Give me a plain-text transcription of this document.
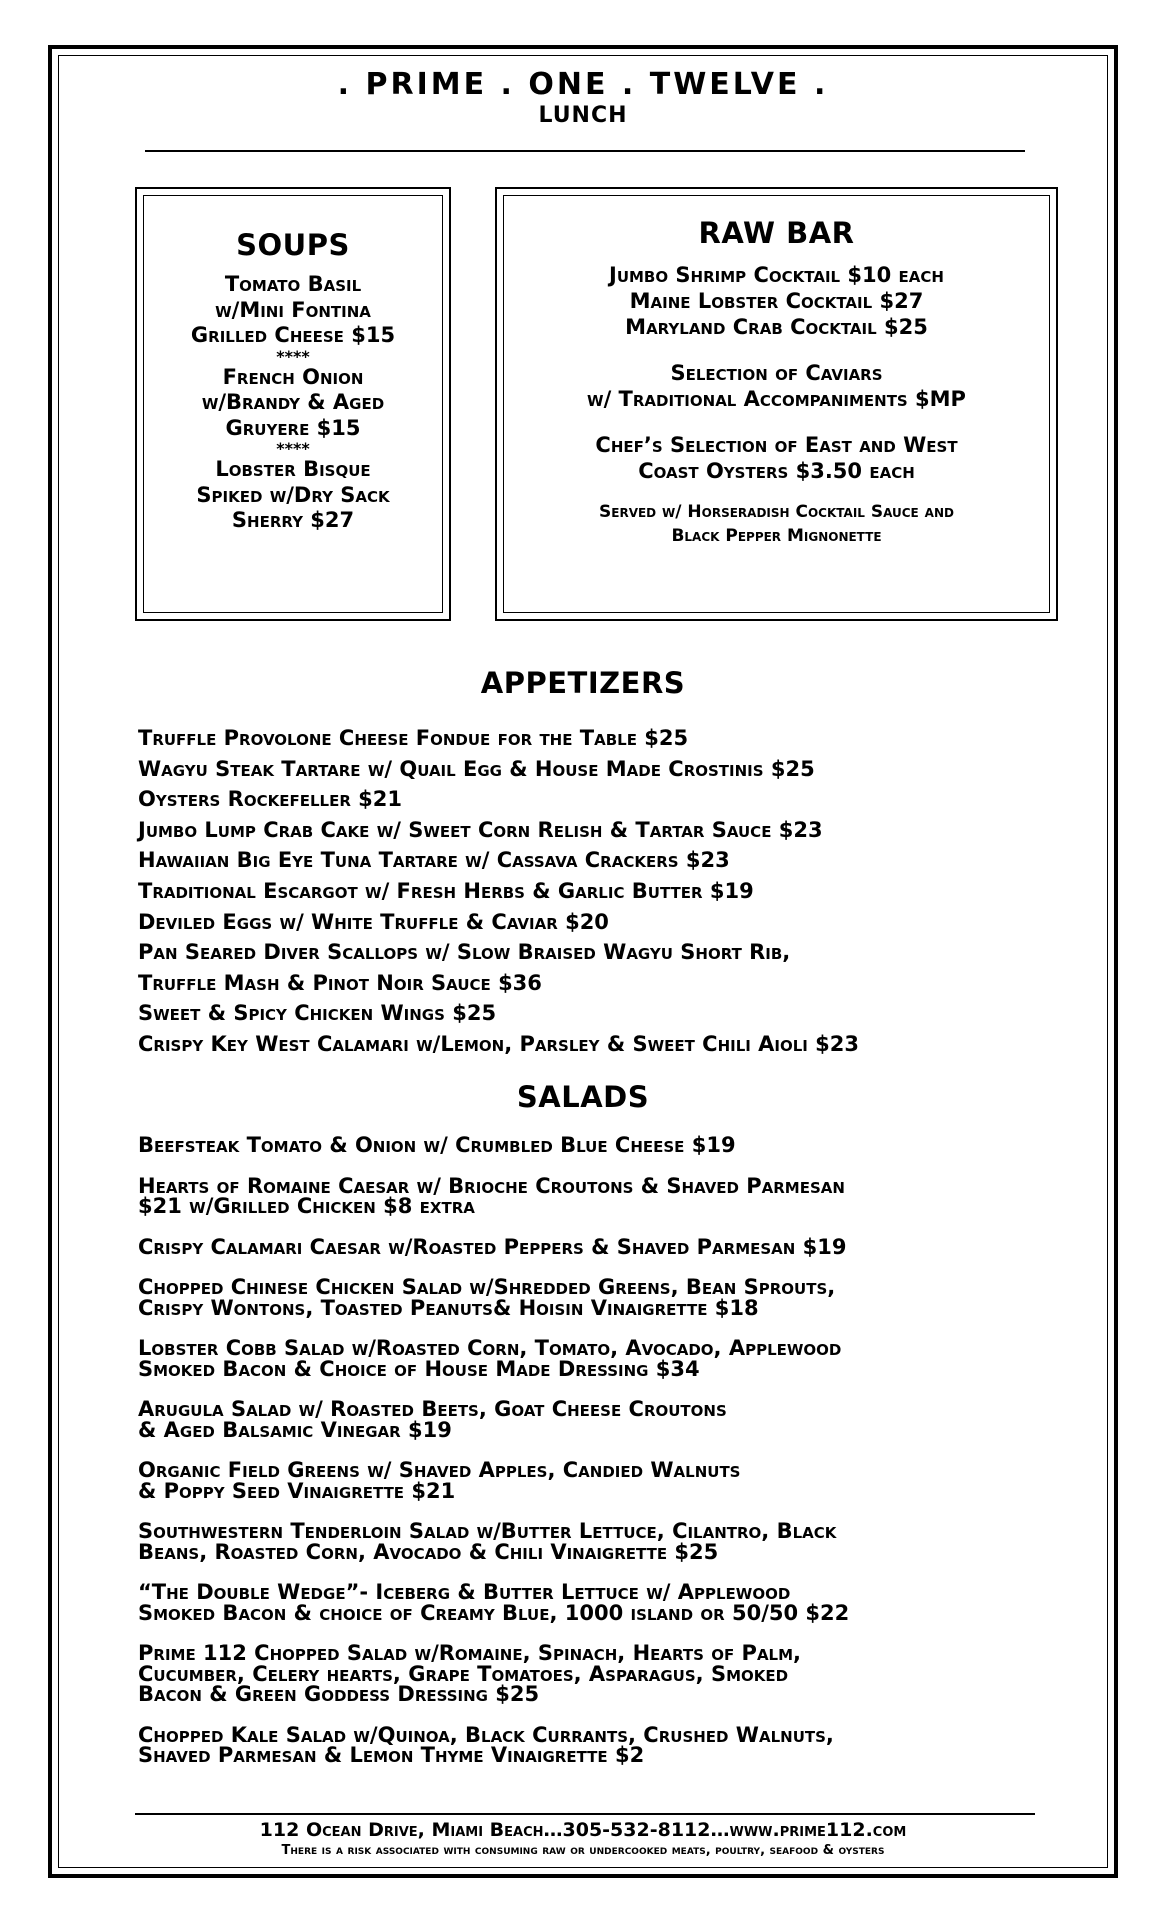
. PRIME . ONE . TWELVE .
LUNCH
SOUPS
Tomato Basil
w/Mini Fontina
Grilled Cheese $15
****
French Onion
w/Brandy & Aged
Gruyere $15
****
Lobster Bisque
Spiked w/Dry Sack
Sherry $27
RAW BAR
Jumbo Shrimp Cocktail $10 each
Maine Lobster Cocktail $27
Maryland Crab Cocktail $25
Selection of Caviars
w/ Traditional Accompaniments $MP
Chef’s Selection of East and West
Coast Oysters $3.50 each
Served w/ Horseradish Cocktail Sauce and
Black Pepper Mignonette
APPETIZERS
Truffle Provolone Cheese Fondue for the Table $25
Wagyu Steak Tartare w/ Quail Egg & House Made Crostinis $25
Oysters Rockefeller $21
Jumbo Lump Crab Cake w/ Sweet Corn Relish & Tartar Sauce $23
Hawaiian Big Eye Tuna Tartare w/ Cassava Crackers $23
Traditional Escargot w/ Fresh Herbs & Garlic Butter $19
Deviled Eggs w/ White Truffle & Caviar $20
Pan Seared Diver Scallops w/ Slow Braised Wagyu Short Rib,
Truffle Mash & Pinot Noir Sauce $36
Sweet & Spicy Chicken Wings $25
Crispy Key West Calamari w/Lemon, Parsley & Sweet Chili Aioli $23
SALADS
Beefsteak Tomato & Onion w/ Crumbled Blue Cheese $19
Hearts of Romaine Caesar w/ Brioche Croutons & Shaved Parmesan
$21 w/Grilled Chicken $8 extra
Crispy Calamari Caesar w/Roasted Peppers & Shaved Parmesan $19
Chopped Chinese Chicken Salad w/Shredded Greens, Bean Sprouts,
Crispy Wontons, Toasted Peanuts& Hoisin Vinaigrette $18
Lobster Cobb Salad w/Roasted Corn, Tomato, Avocado, Applewood
Smoked Bacon & Choice of House Made Dressing $34
Arugula Salad w/ Roasted Beets, Goat Cheese Croutons
& Aged Balsamic Vinegar $19
Organic Field Greens w/ Shaved Apples, Candied Walnuts
& Poppy Seed Vinaigrette $21
Southwestern Tenderloin Salad w/Butter Lettuce, Cilantro, Black
Beans, Roasted Corn, Avocado & Chili Vinaigrette $25
“The Double Wedge”- Iceberg & Butter Lettuce w/ Applewood
Smoked Bacon & choice of Creamy Blue, 1000 island or 50/50 $22
Prime 112 Chopped Salad w/Romaine, Spinach, Hearts of Palm,
Cucumber, Celery hearts, Grape Tomatoes, Asparagus, Smoked
Bacon & Green Goddess Dressing $25
Chopped Kale Salad w/Quinoa, Black Currants, Crushed Walnuts,
Shaved Parmesan & Lemon Thyme Vinaigrette $2
112 Ocean Drive, Miami Beach…305-532-8112…www.prime112.com
There is a risk associated with consuming raw or undercooked meats, poultry, seafood & oysters
